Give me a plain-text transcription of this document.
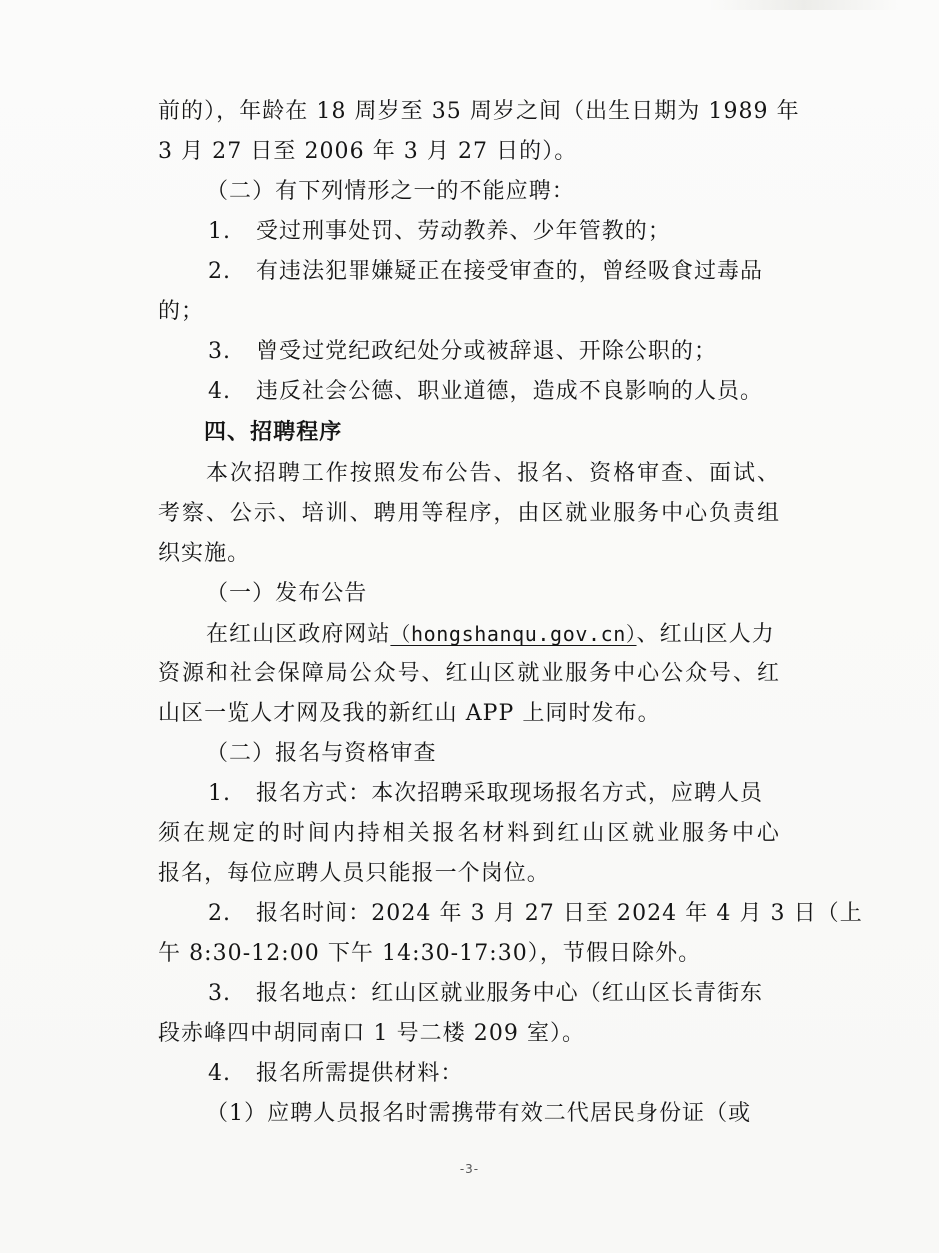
前的），年龄在 18 周岁至 35 周岁之间（出生日期为 1989 年
3 月 27 日至 2006 年 3 月 27 日的）。
（二）有下列情形之一的不能应聘：
1. 受过刑事处罚、劳动教养、少年管教的；
2. 有违法犯罪嫌疑正在接受审查的，曾经吸食过毒品
的；
3. 曾受过党纪政纪处分或被辞退、开除公职的；
4. 违反社会公德、职业道德，造成不良影响的人员。
四、招聘程序
本次招聘工作按照发布公告、报名、资格审查、面试、
考察、公示、培训、聘用等程序，由区就业服务中心负责组
织实施。
（一）发布公告
在红山区政府网站（hongshanqu.gov.cn）、红山区人力
资源和社会保障局公众号、红山区就业服务中心公众号、红
山区一览人才网及我的新红山 APP 上同时发布。
（二）报名与资格审查
1. 报名方式：本次招聘采取现场报名方式，应聘人员
须在规定的时间内持相关报名材料到红山区就业服务中心
报名，每位应聘人员只能报一个岗位。
2. 报名时间：2024 年 3 月 27 日至 2024 年 4 月 3 日（上
午 8:30-12:00 下午 14:30-17:30），节假日除外。
3. 报名地点：红山区就业服务中心（红山区长青街东
段赤峰四中胡同南口 1 号二楼 209 室）。
4. 报名所需提供材料：
（1）应聘人员报名时需携带有效二代居民身份证（或
-3-
